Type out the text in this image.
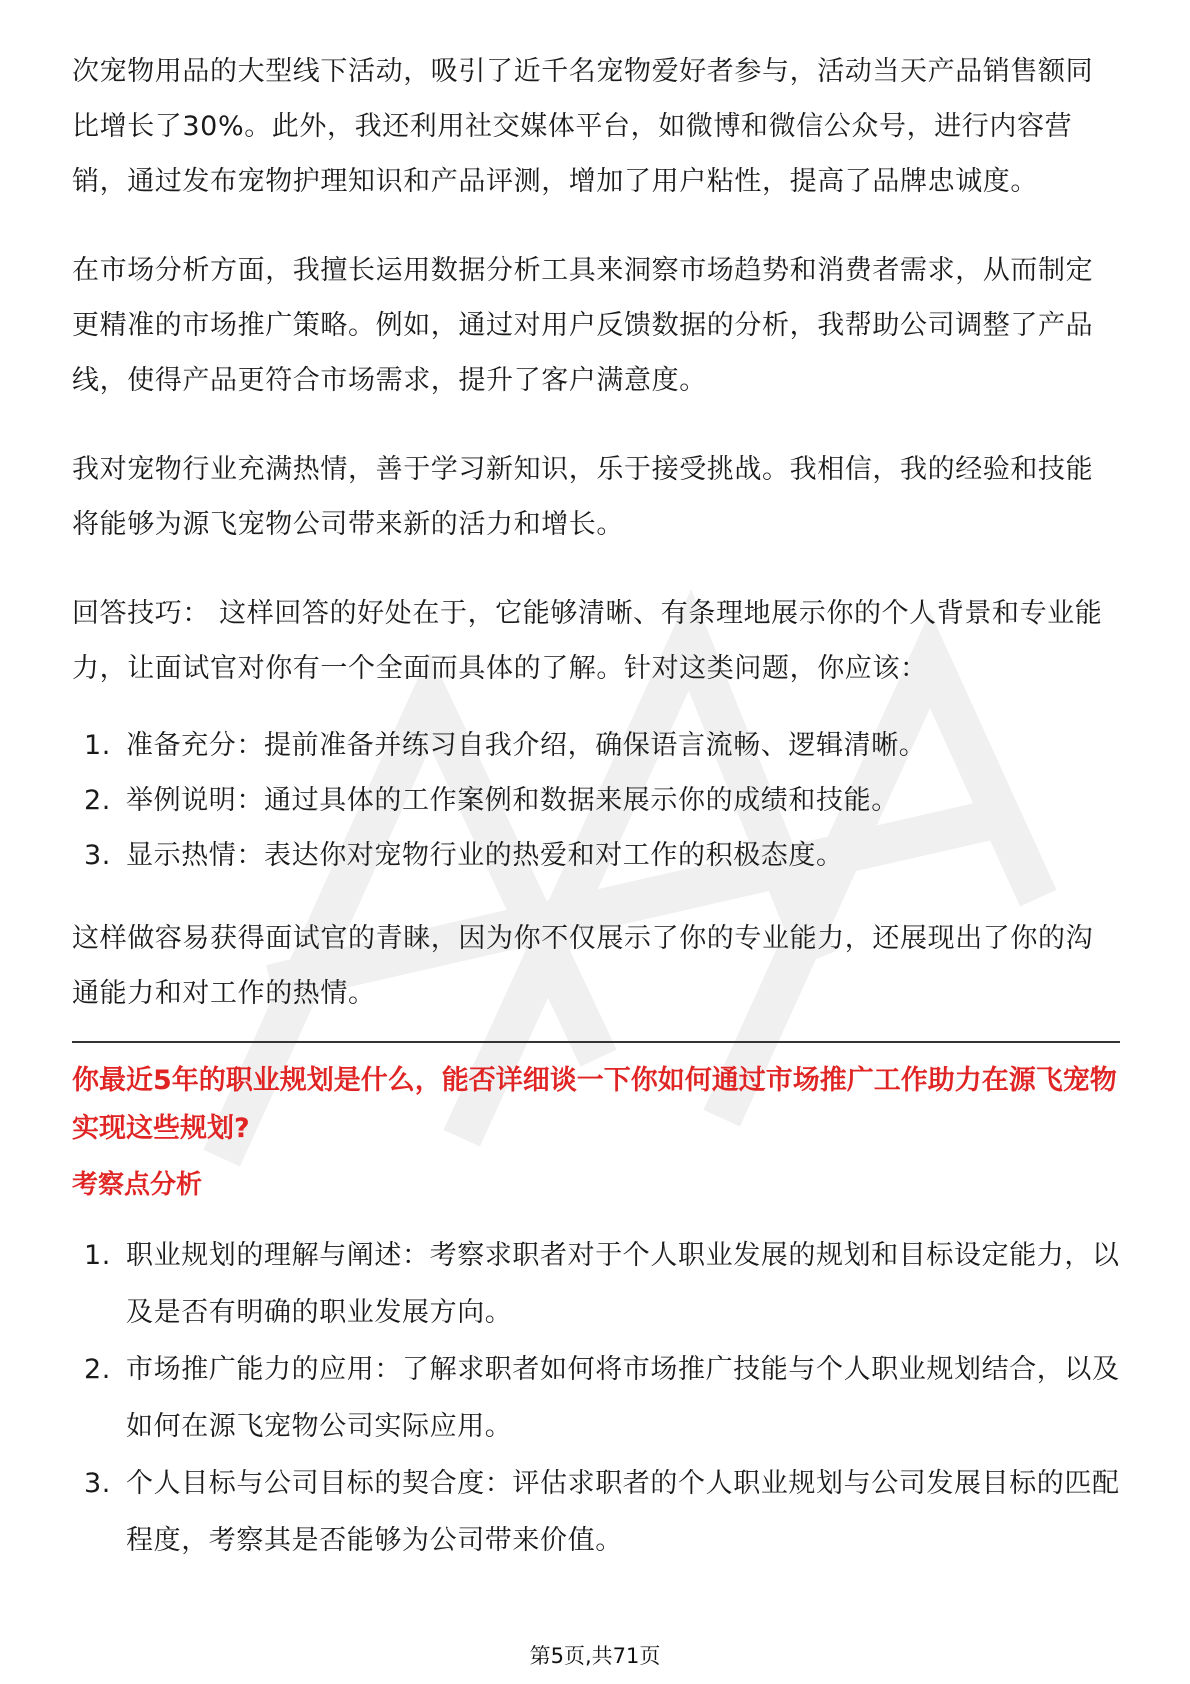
次宠物用品的大型线下活动，吸引了近千名宠物爱好者参与，活动当天产品销售额同比增长了30%。此外，我还利用社交媒体平台，如微博和微信公众号，进行内容营销，通过发布宠物护理知识和产品评测，增加了用户粘性，提高了品牌忠诚度。

在市场分析方面，我擅长运用数据分析工具来洞察市场趋势和消费者需求，从而制定更精准的市场推广策略。例如，通过对用户反馈数据的分析，我帮助公司调整了产品线，使得产品更符合市场需求，提升了客户满意度。

我对宠物行业充满热情，善于学习新知识，乐于接受挑战。我相信，我的经验和技能将能够为源飞宠物公司带来新的活力和增长。

回答技巧： 这样回答的好处在于，它能够清晰、有条理地展示你的个人背景和专业能力，让面试官对你有一个全面而具体的了解。针对这类问题，你应该：

1. 准备充分：提前准备并练习自我介绍，确保语言流畅、逻辑清晰。
2. 举例说明：通过具体的工作案例和数据来展示你的成绩和技能。
3. 显示热情：表达你对宠物行业的热爱和对工作的积极态度。

这样做容易获得面试官的青睐，因为你不仅展示了你的专业能力，还展现出了你的沟通能力和对工作的热情。

你最近5年的职业规划是什么，能否详细谈一下你如何通过市场推广工作助力在源飞宠物实现这些规划?

考察点分析

1. 职业规划的理解与阐述：考察求职者对于个人职业发展的规划和目标设定能力，以及是否有明确的职业发展方向。
2. 市场推广能力的应用：了解求职者如何将市场推广技能与个人职业规划结合，以及如何在源飞宠物公司实际应用。
3. 个人目标与公司目标的契合度：评估求职者的个人职业规划与公司发展目标的匹配程度，考察其是否能够为公司带来价值。
第5页,共71页
